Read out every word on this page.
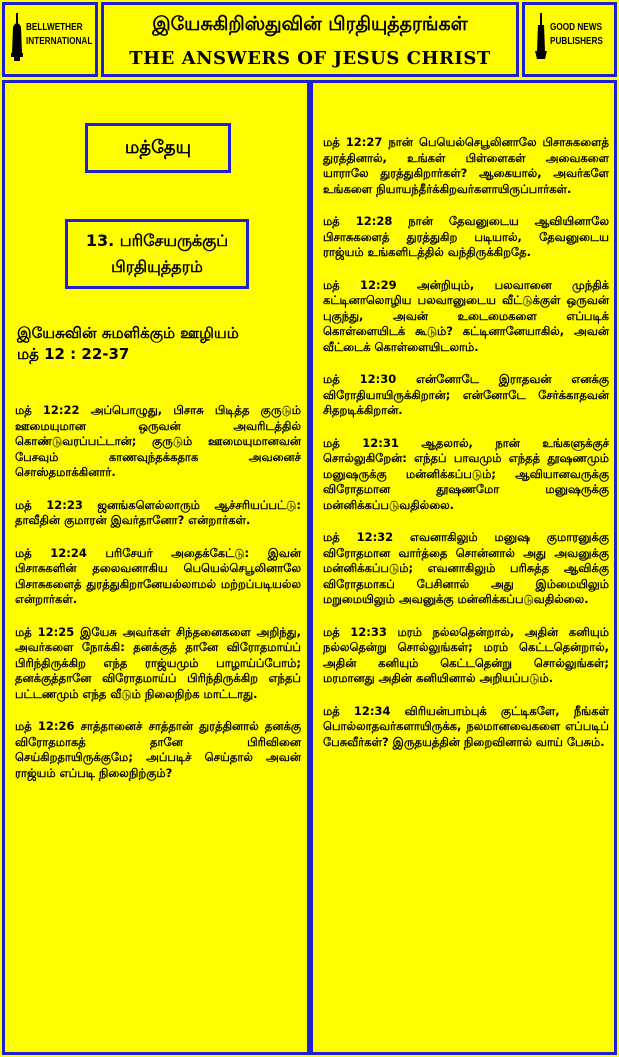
BELLWETHER
INTERNATIONAL
இயேசுகிறிஸ்துவின் பிரதியுத்தரங்கள்
THE ANSWERS OF JESUS CHRIST
GOOD NEWS
PUBLISHERS
மத்தேயு
13. பரிசேயருக்குப்
பிரதியுத்தரம்
இயேசுவின் சுமளிக்கும் ஊழியம்
மத் 12 : 22-37

மத் 12:22 அப்பொழுது, பிசாசு பிடித்த குருடும் ஊமையுமான ஒருவன் அவரிடத்தில் கொண்டுவரப்பட்டான்; குருடும் ஊமையுமானவன் பேசவும் காணவுந்தக்கதாக அவனைச் சொஸ்தமாக்கினார்.

மத் 12:23 ஜனங்களெல்லாரும் ஆச்சரியப்பட்டு: தாவீதின் குமாரன் இவர்தானோ? என்றார்கள்.

மத் 12:24 பரிசேயர் அதைக்கேட்டு: இவன் பிசாசுகளின் தலைவனாகிய பெயெல்செபூலினாலே பிசாசுகளைத் துரத்துகிறானேயல்லாமல் மற்றப்படியல்ல என்றார்கள்.

மத் 12:25 இயேசு அவர்கள் சிந்தனைகளை அறிந்து, அவர்களை நோக்கி: தனக்குத் தானே விரோதமாய்ப் பிரிந்திருக்கிற எந்த ராஜ்யமும் பாழாய்ப்போம்; தனக்குத்தானே விரோதமாய்ப் பிரிந்திருக்கிற எந்தப் பட்டணமும் எந்த வீடும் நிலைநிற்க மாட்டாது.

மத் 12:26 சாத்தானைச் சாத்தான் துரத்தினால் தனக்கு விரோதமாகத் தானே பிரிவினை செய்கிறதாயிருக்குமே; அப்படிச் செய்தால் அவன் ராஜ்யம் எப்படி நிலைநிற்கும்?

மத் 12:27 நான் பெயெல்செபூலினாலே பிசாசுகளைத் துரத்தினால், உங்கள் பிள்ளைகள் அவைகளை யாராலே துரத்துகிறார்கள்? ஆகையால், அவர்களே உங்களை நியாயந்தீர்க்கிறவர்களாயிருப்பார்கள்.

மத் 12:28 நான் தேவனுடைய ஆவியினாலே பிசாசுகளைத் துரத்துகிற படியால், தேவனுடைய ராஜ்யம் உங்களிடத்தில் வந்திருக்கிறதே.

மத் 12:29 அன்றியும், பலவானை முந்திக் கட்டினாலொழிய பலவானுடைய வீட்டுக்குள் ஒருவன் புகுந்து, அவன் உடைமைகளை எப்படிக் கொள்ளையிடக் கூடும்? கட்டினானேயாகில், அவன் வீட்டைக் கொள்ளையிடலாம்.

மத் 12:30 என்னோடே இராதவன் எனக்கு விரோதியாயிருக்கிறான்; என்னோடே சேர்க்காதவன் சிதறடிக்கிறான்.

மத் 12:31 ஆதலால், நான் உங்களுக்குச் சொல்லுகிறேன்: எந்தப் பாவமும் எந்தத் தூஷணமும் மனுஷருக்கு மன்னிக்கப்படும்; ஆவியானவருக்கு விரோதமான தூஷணமோ மனுஷருக்கு மன்னிக்கப்படுவதில்லை.

மத் 12:32 எவனாகிலும் மனுஷ குமாரனுக்கு விரோதமான வார்த்தை சொன்னால் அது அவனுக்கு மன்னிக்கப்படும்; எவனாகிலும் பரிசுத்த ஆவிக்கு விரோதமாகப் பேசினால் அது இம்மையிலும் மறுமையிலும் அவனுக்கு மன்னிக்கப்படுவதில்லை.

மத் 12:33 மரம் நல்லதென்றால், அதின் கனியும் நல்லதென்று சொல்லுங்கள்; மரம் கெட்டதென்றால், அதின் கனியும் கெட்டதென்று சொல்லுங்கள்; மரமானது அதின் கனியினால் அறியப்படும்.

மத் 12:34 விரியன்பாம்புக் குட்டிகளே, நீங்கள் பொல்லாதவர்களாயிருக்க, நலமானவைகளை எப்படிப் பேசுவீர்கள்? இருதயத்தின் நிறைவினால் வாய் பேசும்.
